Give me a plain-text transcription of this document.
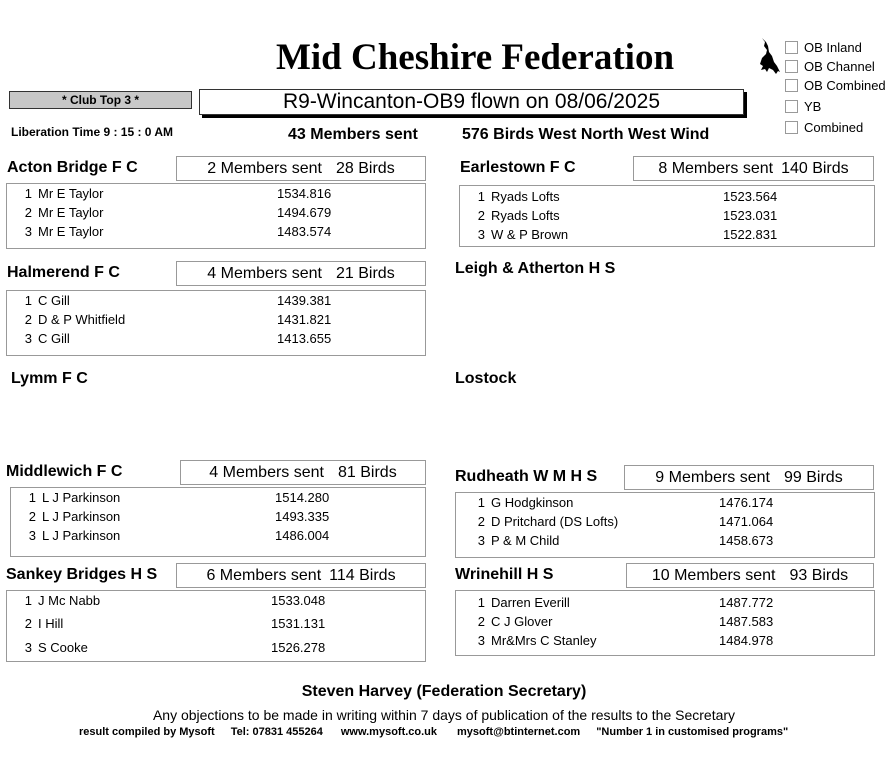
Mid Cheshire Federation	OB Inland
OB Channel
OB Combined
YB
Combined
* Club Top 3 *	R9-Wincanton-OB9 flown on 08/06/2025
Liberation Time 9 : 15 : 0 AM	43 Members sent	576 Birds West North West Wind
Acton Bridge F C	2 Members sent 28 Birds
1 Mr E Taylor	1534.816
2 Mr E Taylor	1494.679
3 Mr E Taylor	1483.574
Earlestown F C	8 Members sent 140 Birds
1 Ryads Lofts	1523.564
2 Ryads Lofts	1523.031
3 W & P Brown	1522.831
Halmerend F C	4 Members sent 21 Birds
1 C Gill	1439.381
2 D & P Whitfield	1431.821
3 C Gill	1413.655
Leigh & Atherton H S
Lymm F C	Lostock
Middlewich F C	4 Members sent 81 Birds
1 L J Parkinson	1514.280
2 L J Parkinson	1493.335
3 L J Parkinson	1486.004
Rudheath W M H S	9 Members sent 99 Birds
1 G Hodgkinson	1476.174
2 D Pritchard (DS Lofts)	1471.064
3 P & M Child	1458.673
Sankey Bridges H S	6 Members sent 114 Birds
1 J Mc Nabb	1533.048
2 I Hill	1531.131
3 S Cooke	1526.278
Wrinehill H S	10 Members sent 93 Birds
1 Darren Everill	1487.772
2 C J Glover	1487.583
3 Mr&Mrs C Stanley	1484.978
Steven Harvey (Federation Secretary)
Any objections to be made in writing within 7 days of publication of the results to the Secretary
result compiled by Mysoft Tel: 07831 455264 www.mysoft.co.uk mysoft@btinternet.com "Number 1 in customised programs"
